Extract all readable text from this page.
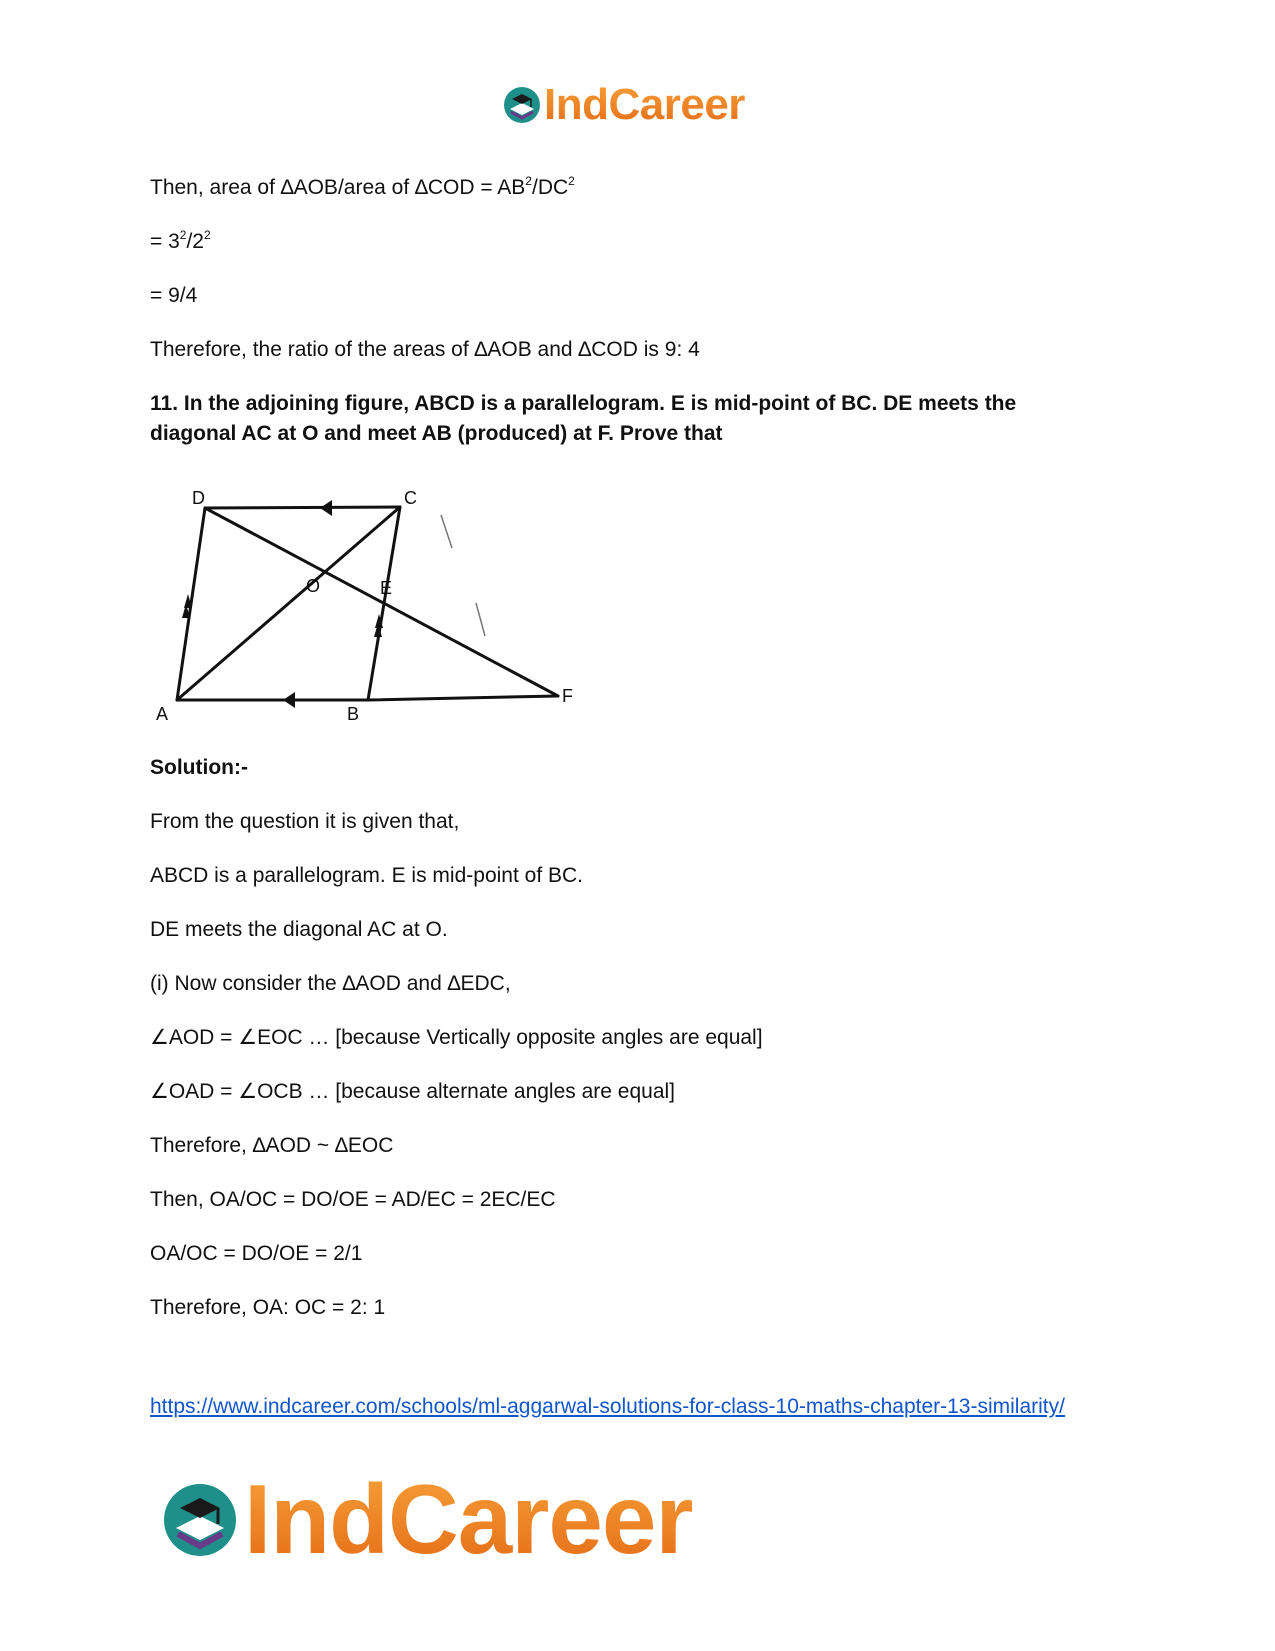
IndCareer

Then, area of ∆AOB/area of $\Delta COD = AB^2/DC^2$

= $3^2/2^2$

= 9/4

Therefore, the ratio of the areas of ∆AOB and ∆COD is 9: 4

11. In the adjoining figure, ABCD is a parallelogram. E is mid-point of BC. DE meets the

diagonal AC at O and meet AB (produced) at F. Prove that

D	C
O	E
A	B
F

Solution:-

From the question it is given that,

ABCD is a parallelogram. E is mid-point of BC.

DE meets the diagonal AC at O.

(i) Now consider the ∆AOD and ∆EDC,

∠AOD = ∠EOC … [because Vertically opposite angles are equal]

∠OAD = ∠OCB … [because alternate angles are equal]

Therefore, ∆AOD ~ ∆EOC

Then, OA/OC = DO/OE = AD/EC = 2EC/EC

OA/OC = DO/OE = 2/1

Therefore, OA: OC = 2: 1

https://www.indcareer.com/schools/ml-aggarwal-solutions-for-class-10-maths-chapter-13-similarity/
IndCareer
